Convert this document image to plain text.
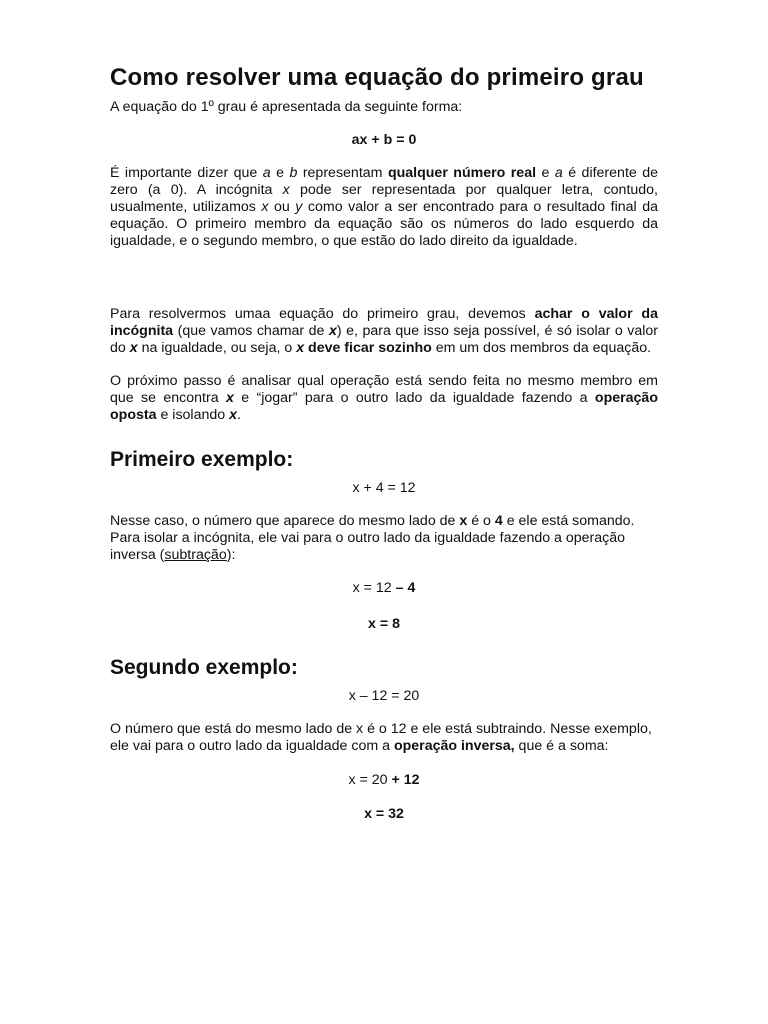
Como resolver uma equação do primeiro grau

A equação do 1º grau é apresentada da seguinte forma:

ax + b = 0

É importante dizer que a e b representam qualquer número real e a é diferente de zero (a 0). A incógnita x pode ser representada por qualquer letra, contudo, usualmente, utilizamos x ou y como valor a ser encontrado para o resultado final da equação. O primeiro membro da equação são os números do lado esquerdo da igualdade, e o segundo membro, o que estão do lado direito da igualdade.

Para resolvermos umaa equação do primeiro grau, devemos achar o valor da incógnita (que vamos chamar de x) e, para que isso seja possível, é só isolar o valor do x na igualdade, ou seja, o x deve ficar sozinho em um dos membros da equação.

O próximo passo é analisar qual operação está sendo feita no mesmo membro em que se encontra x e “jogar” para o outro lado da igualdade fazendo a operação oposta e isolando x.

Primeiro exemplo:

x + 4 = 12

Nesse caso, o número que aparece do mesmo lado de x é o 4 e ele está somando. Para isolar a incógnita, ele vai para o outro lado da igualdade fazendo a operação inversa (subtração):

x = 12 – 4

x = 8

Segundo exemplo:

x – 12 = 20

O número que está do mesmo lado de x é o 12 e ele está subtraindo. Nesse exemplo, ele vai para o outro lado da igualdade com a operação inversa, que é a soma:

x = 20 + 12

x = 32
